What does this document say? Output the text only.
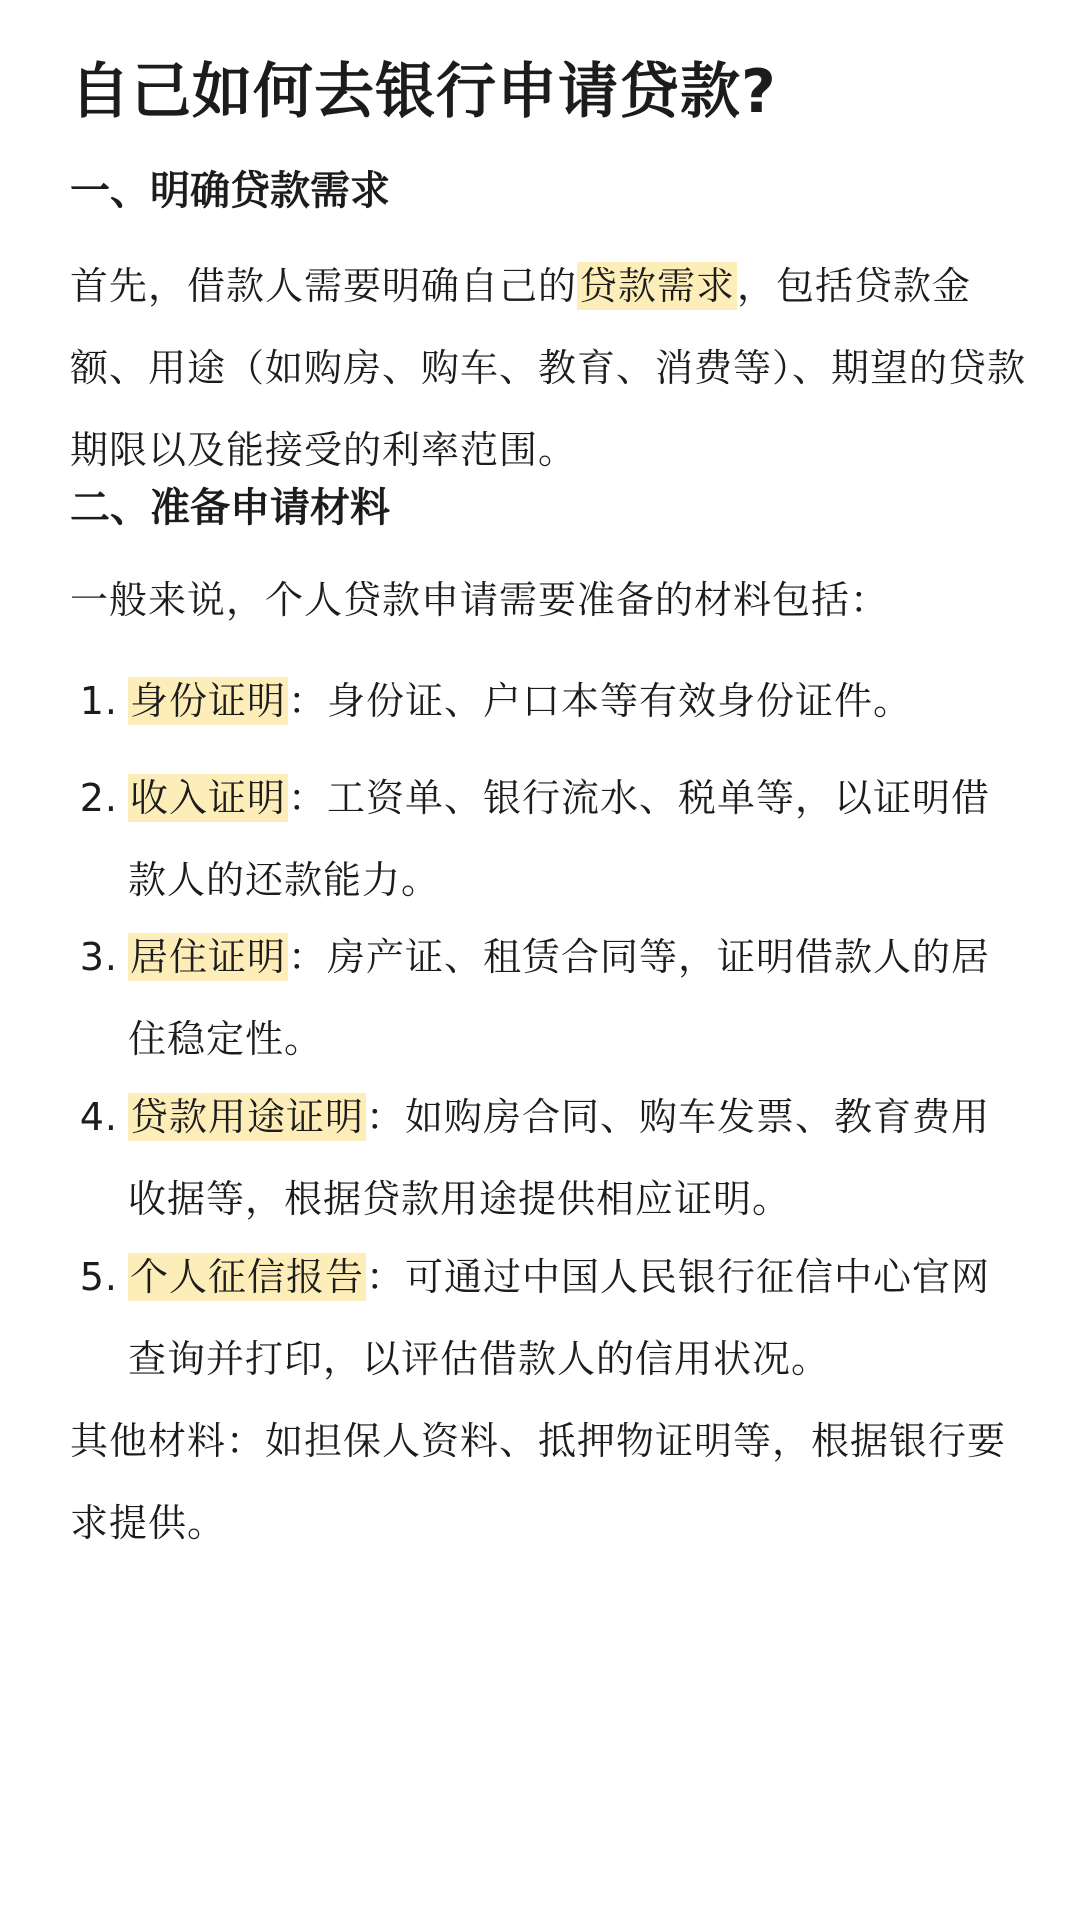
自己如何去银行申请贷款?
一、明确贷款需求

首先，借款人需要明确自己的贷款需求，包括贷款金额、用途（如购房、购车、教育、消费等）、期望的贷款期限以及能接受的利率范围。

二、准备申请材料

一般来说，个人贷款申请需要准备的材料包括：

1. 身份证明：身份证、户口本等有效身份证件。
2. 收入证明：工资单、银行流水、税单等，以证明借款人的还款能力。
3. 居住证明：房产证、租赁合同等，证明借款人的居住稳定性。
4. 贷款用途证明：如购房合同、购车发票、教育费用收据等，根据贷款用途提供相应证明。
5. 个人征信报告：可通过中国人民银行征信中心官网查询并打印，以评估借款人的信用状况。

其他材料：如担保人资料、抵押物证明等，根据银行要求提供。
